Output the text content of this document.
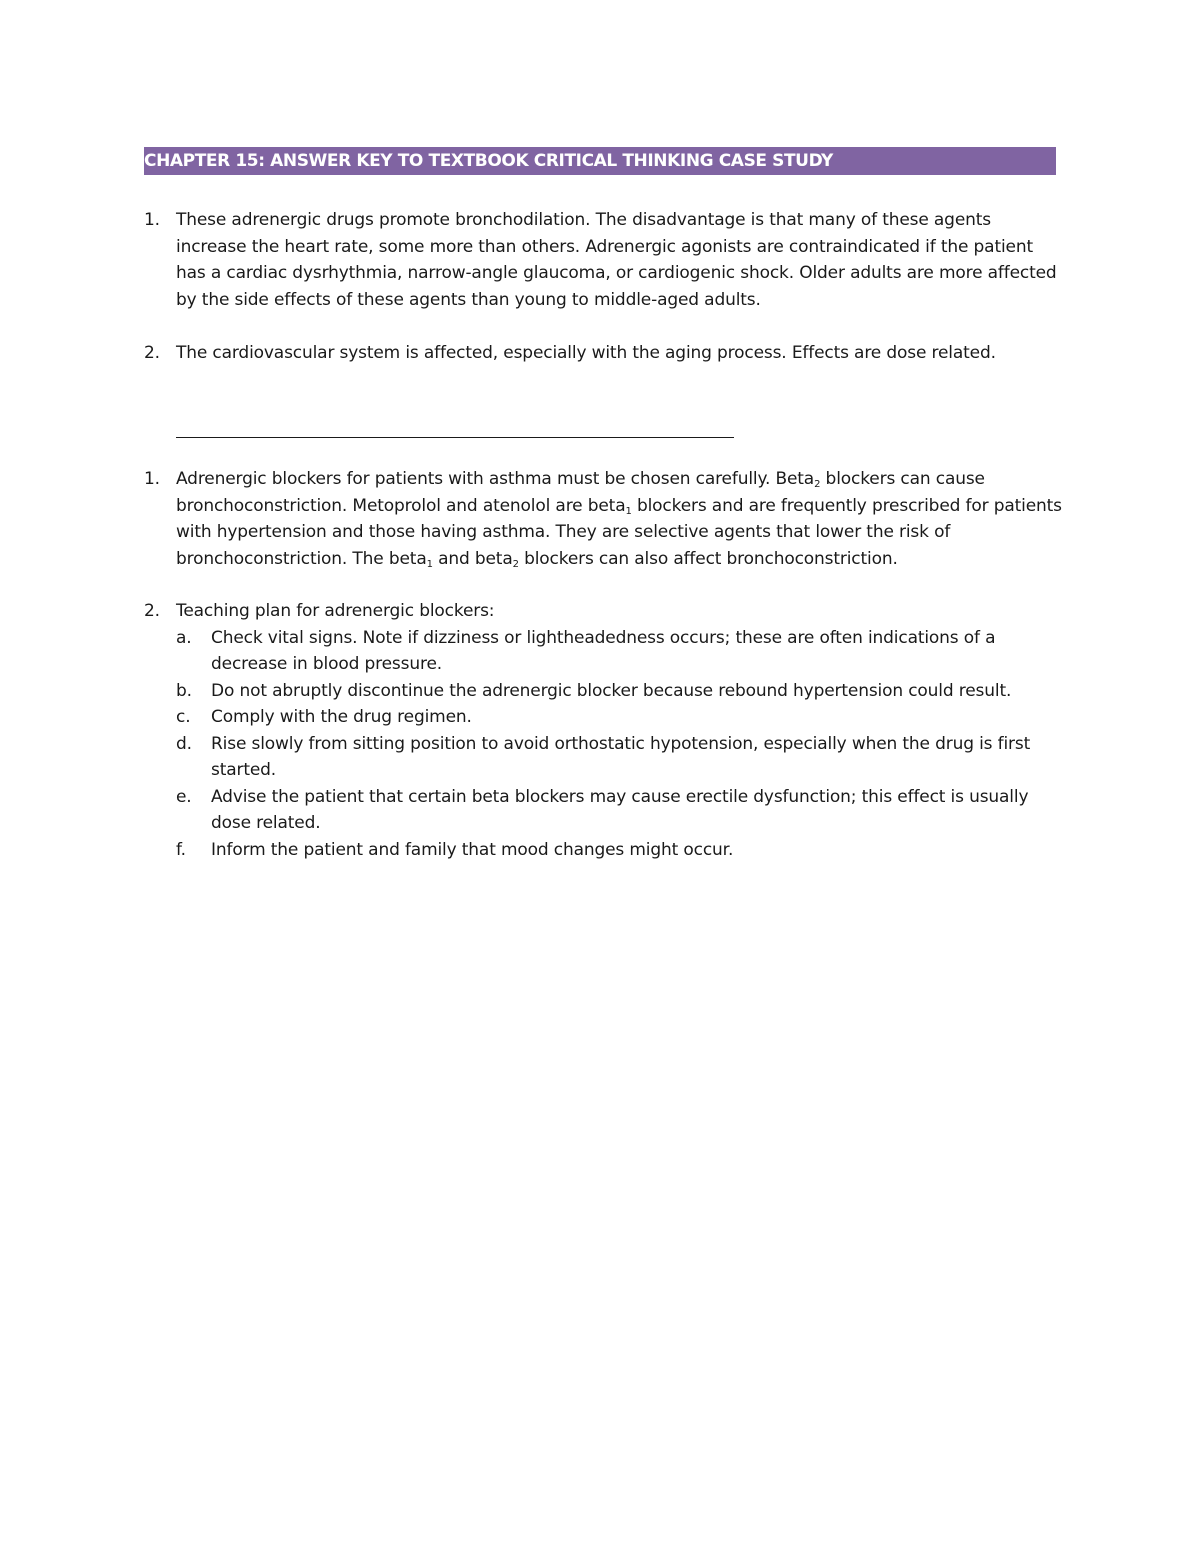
CHAPTER 15: ANSWER KEY TO TEXTBOOK CRITICAL THINKING CASE STUDY
1. These adrenergic drugs promote bronchodilation. The disadvantage is that many of these agents increase the heart rate, some more than others. Adrenergic agonists are contraindicated if the patient has a cardiac dysrhythmia, narrow-angle glaucoma, or cardiogenic shock. Older adults are more affected by the side effects of these agents than young to middle-aged adults.
2. The cardiovascular system is affected, especially with the aging process. Effects are dose related.
1. Adrenergic blockers for patients with asthma must be chosen carefully. Beta$_2$ blockers can cause bronchoconstriction. Metoprolol and atenolol are beta$_1$ blockers and are frequently prescribed for patients with hypertension and those having asthma. They are selective agents that lower the risk of bronchoconstriction. The beta$_1$ and beta$_2$ blockers can also affect bronchoconstriction.
2. Teaching plan for adrenergic blockers:
a.	Check vital signs. Note if dizziness or lightheadedness occurs; these are often indications of a decrease in blood pressure.
b.	Do not abruptly discontinue the adrenergic blocker because rebound hypertension could result.
c.	Comply with the drug regimen.
d.	Rise slowly from sitting position to avoid orthostatic hypotension, especially when the drug is first started.
e.	Advise the patient that certain beta blockers may cause erectile dysfunction; this effect is usually dose related.
f.	Inform the patient and family that mood changes might occur.
